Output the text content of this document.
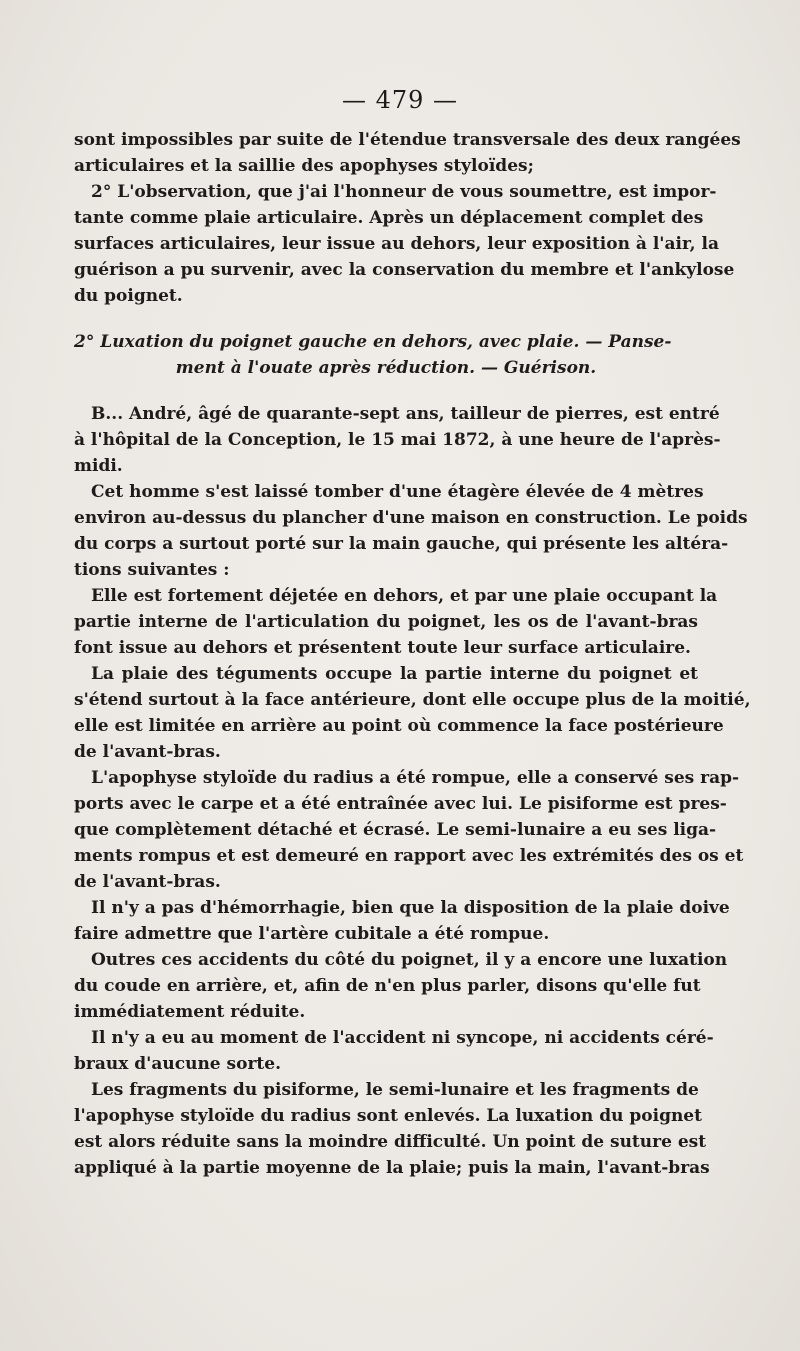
— 479 —
sont impossibles par suite de l'étendue transversale des deux rangées
articulaires et la saillie des apophyses styloïdes;
2° L'observation, que j'ai l'honneur de vous soumettre, est impor-
tante comme plaie articulaire. Après un déplacement complet des
surfaces articulaires, leur issue au dehors, leur exposition à l'air, la
guérison a pu survenir, avec la conservation du membre et l'ankylose
du poignet.
2° Luxation du poignet gauche en dehors, avec plaie. — Panse-
ment à l'ouate après réduction. — Guérison.
B... André, âgé de quarante-sept ans, tailleur de pierres, est entré
à l'hôpital de la Conception, le 15 mai 1872, à une heure de l'après-
midi.
Cet homme s'est laissé tomber d'une étagère élevée de 4 mètres
environ au-dessus du plancher d'une maison en construction. Le poids
du corps a surtout porté sur la main gauche, qui présente les altéra-
tions suivantes :
Elle est fortement déjetée en dehors, et par une plaie occupant la
partie interne de l'articulation du poignet, les os de l'avant-bras
font issue au dehors et présentent toute leur surface articulaire.
La plaie des téguments occupe la partie interne du poignet et
s'étend surtout à la face antérieure, dont elle occupe plus de la moitié,
elle est limitée en arrière au point où commence la face postérieure
de l'avant-bras.
L'apophyse styloïde du radius a été rompue, elle a conservé ses rap-
ports avec le carpe et a été entraînée avec lui. Le pisiforme est pres-
que complètement détaché et écrasé. Le semi-lunaire a eu ses liga-
ments rompus et est demeuré en rapport avec les extrémités des os et
de l'avant-bras.
Il n'y a pas d'hémorrhagie, bien que la disposition de la plaie doive
faire admettre que l'artère cubitale a été rompue.
Outres ces accidents du côté du poignet, il y a encore une luxation
du coude en arrière, et, afin de n'en plus parler, disons qu'elle fut
immédiatement réduite.
Il n'y a eu au moment de l'accident ni syncope, ni accidents céré-
braux d'aucune sorte.
Les fragments du pisiforme, le semi-lunaire et les fragments de
l'apophyse styloïde du radius sont enlevés. La luxation du poignet
est alors réduite sans la moindre difficulté. Un point de suture est
appliqué à la partie moyenne de la plaie; puis la main, l'avant-bras
